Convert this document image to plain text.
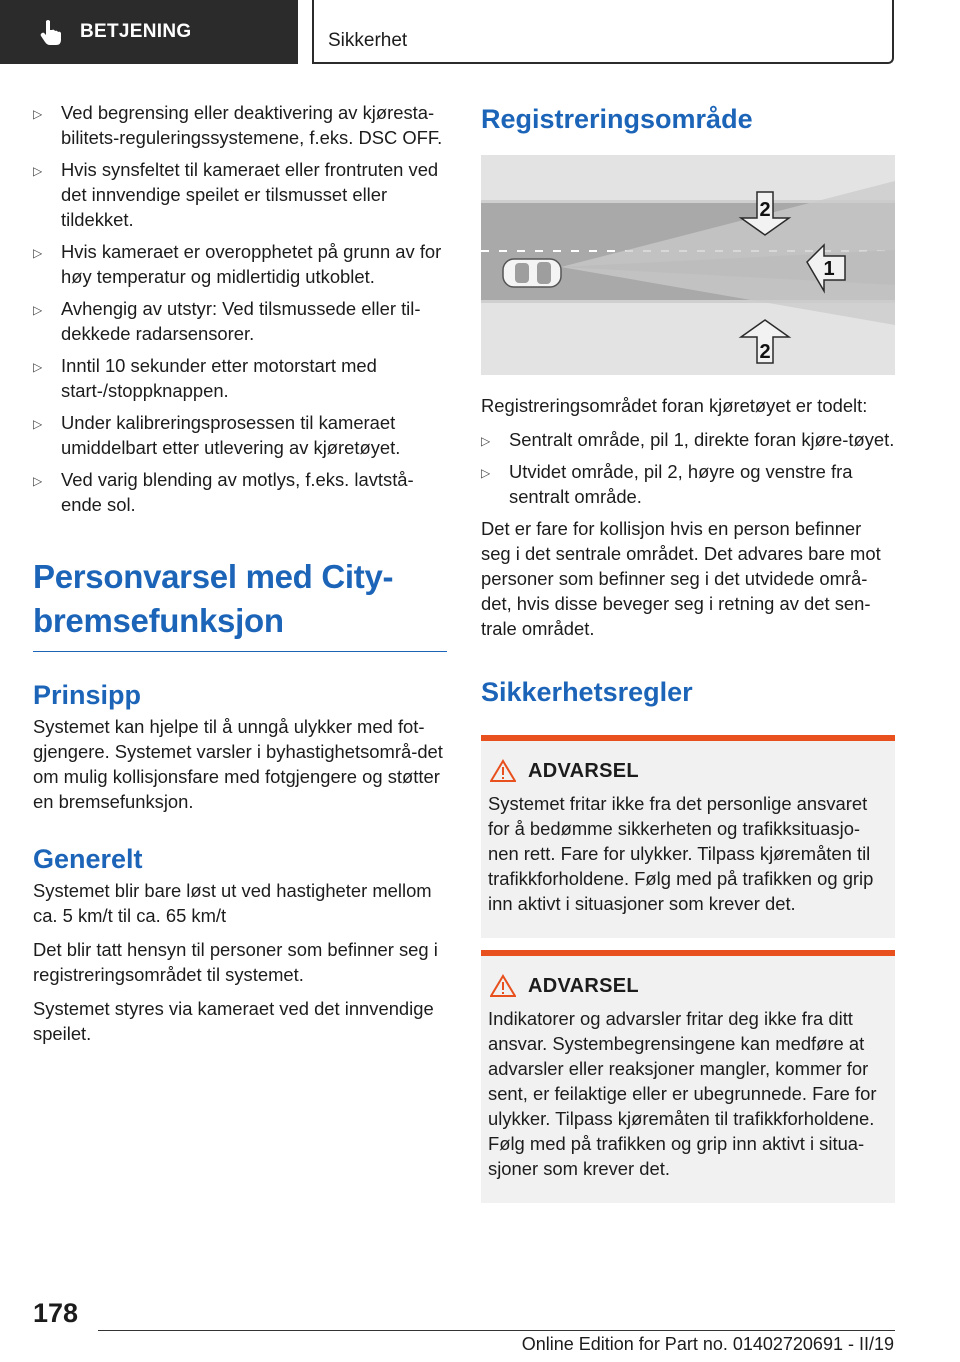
BETJENING	Sikkerhet
▷ Ved begrensing eller deaktivering av kjøresta‐bilitets-reguleringssystemene, f.eks. DSC OFF.
▷ Hvis synsfeltet til kameraet eller frontruten ved det innvendige speilet er tilsmusset eller tildekket.
▷ Hvis kameraet er overopphetet på grunn av for høy temperatur og midlertidig utkoblet.
▷ Avhengig av utstyr: Ved tilsmussede eller til‐dekkede radarsensorer.
▷ Inntil 10 sekunder etter motorstart med start-/stoppknappen.
▷ Under kalibreringsprosessen til kameraet umiddelbart etter utlevering av kjøretøyet.
▷ Ved varig blending av motlys, f.eks. lavtstå‐ende sol.
Personvarsel med City-bremsefunksjon
Prinsipp

Systemet kan hjelpe til å unngå ulykker med fot‐gjengere. Systemet varsler i byhastighetsområ‐det om mulig kollisjonsfare med fotgjengere og støtter en bremsefunksjon.

Generelt

Systemet blir bare løst ut ved hastigheter mellom ca. 5 km/t til ca. 65 km/t

Det blir tatt hensyn til personer som befinner seg i registreringsområdet til systemet.

Systemet styres via kameraet ved det innvendige speilet.

Registreringsområde
2
1
2

Registreringsområdet foran kjøretøyet er todelt:

▷ Sentralt område, pil 1, direkte foran kjøre‐tøyet.
▷ Utvidet område, pil 2, høyre og venstre fra sentralt område.

Det er fare for kollisjon hvis en person befinner seg i det sentrale området. Det advares bare mot personer som befinner seg i det utvidede områ‐det, hvis disse beveger seg i retning av det sen‐trale området.

Sikkerhetsregler
ADVARSEL

Systemet fritar ikke fra det personlige ansvaret for å bedømme sikkerheten og trafikksituasjo‐nen rett. Fare for ulykker. Tilpass kjøremåten til trafikkforholdene. Følg med på trafikken og grip inn aktivt i situasjoner som krever det.

ADVARSEL

Indikatorer og advarsler fritar deg ikke fra ditt ansvar. Systembegrensingene kan medføre at advarsler eller reaksjoner mangler, kommer for sent, er feilaktige eller er ubegrunnede. Fare for ulykker. Tilpass kjøremåten til trafikkforholdene. Følg med på trafikken og grip inn aktivt i situa‐sjoner som krever det.

178
Online Edition for Part no. 01402720691 - II/19
